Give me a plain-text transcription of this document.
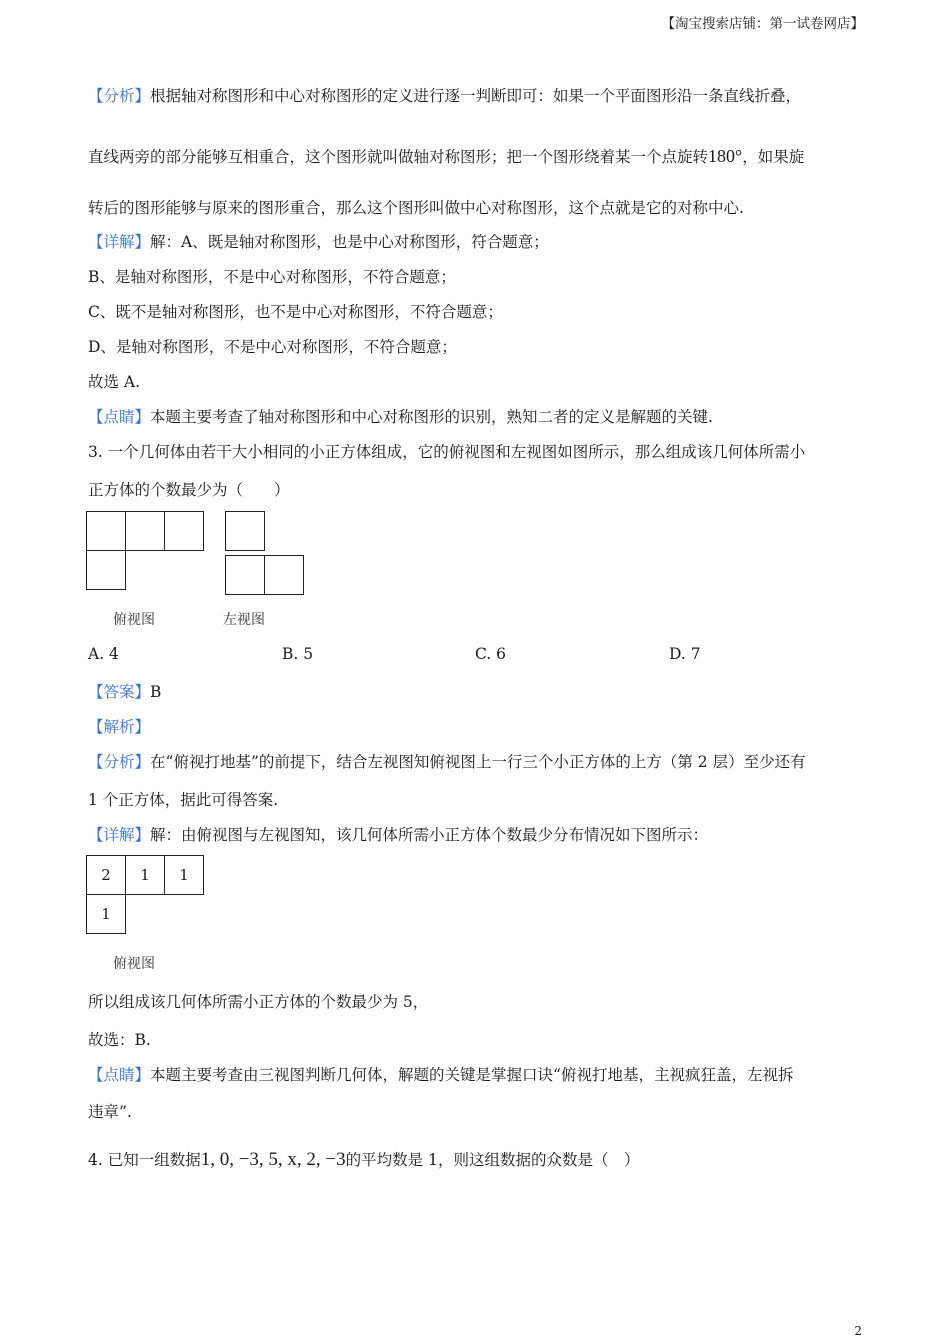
【淘宝搜索店铺：第一试卷网店】
【分析】根据轴对称图形和中心对称图形的定义进行逐一判断即可：如果一个平面图形沿一条直线折叠，
直线两旁的部分能够互相重合，这个图形就叫做轴对称图形；把一个图形绕着某一个点旋转180°，如果旋
转后的图形能够与原来的图形重合，那么这个图形叫做中心对称图形，这个点就是它的对称中心.
【详解】解：A、既是轴对称图形，也是中心对称图形，符合题意；
B、是轴对称图形，不是中心对称图形，不符合题意；
C、既不是轴对称图形，也不是中心对称图形，不符合题意；
D、是轴对称图形，不是中心对称图形，不符合题意；
故选 A.
【点睛】本题主要考查了轴对称图形和中心对称图形的识别，熟知二者的定义是解题的关键.
3. 一个几何体由若干大小相同的小正方体组成，它的俯视图和左视图如图所示，那么组成该几何体所需小
正方体的个数最少为（　　）
俯视图	左视图
A. 4	B. 5	C. 6	D. 7
【答案】B
【解析】
【分析】在“俯视打地基”的前提下，结合左视图知俯视图上一行三个小正方体的上方（第 2 层）至少还有
1 个正方体，据此可得答案.
【详解】解：由俯视图与左视图知，该几何体所需小正方体个数最少分布情况如下图所示：
2	1	1
1
俯视图
所以组成该几何体所需小正方体的个数最少为 5，
故选：B.
【点睛】本题主要考查由三视图判断几何体，解题的关键是掌握口诀“俯视打地基，主视疯狂盖，左视拆
违章”.
4. 已知一组数据1, 0, −3, 5, x, 2, −3的平均数是 1，则这组数据的众数是（　）
2
